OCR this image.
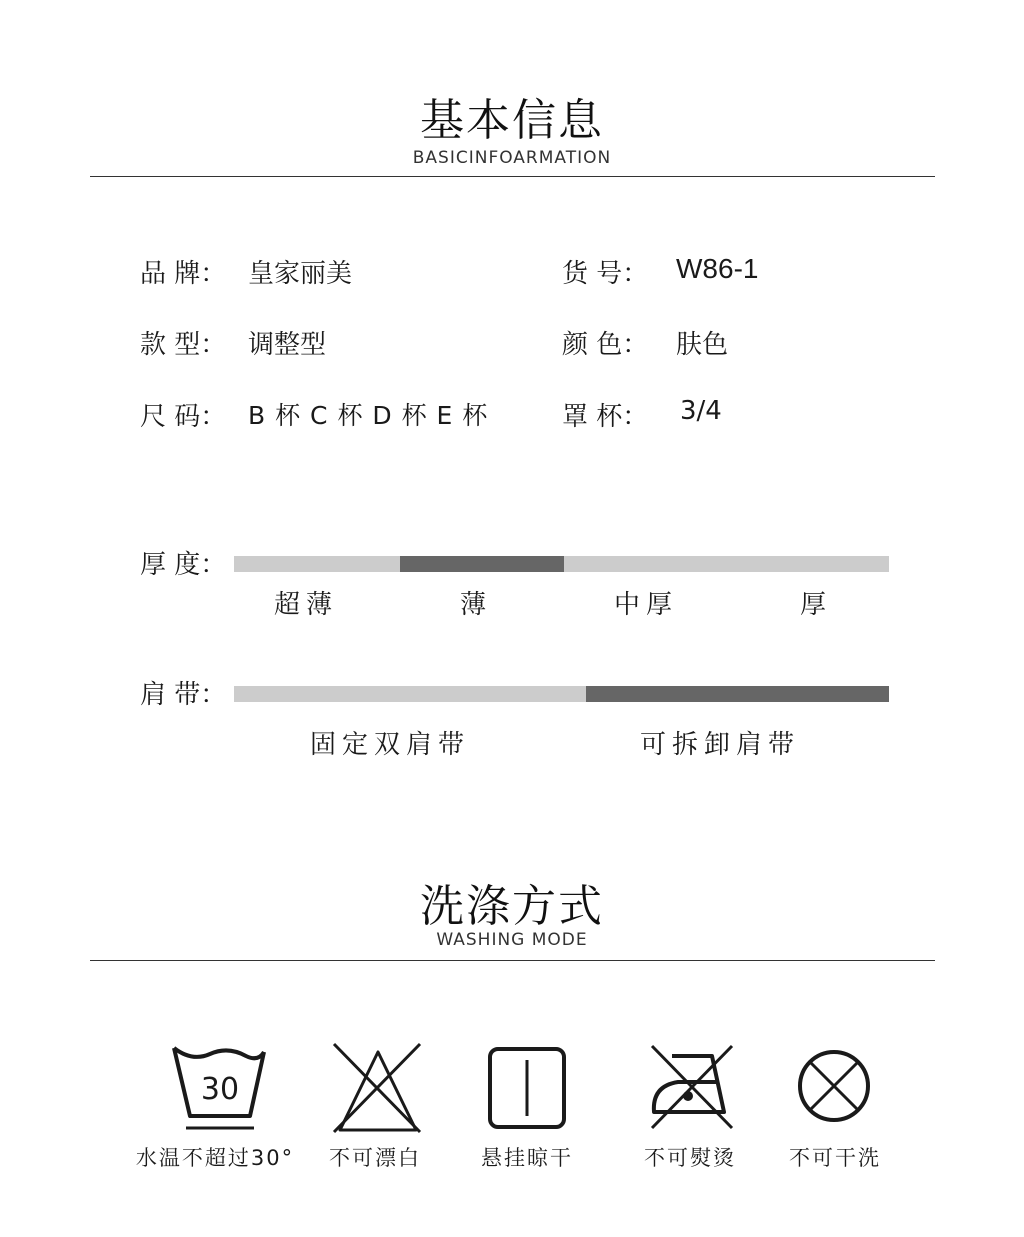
基本信息
BASICINFOARMATION
品 牌： 皇家丽美	货 号： W86-1
款 型： 调整型	颜 色： 肤色
尺 码： B 杯 C 杯 D 杯 E 杯	罩 杯： 3/4
厚 度：
超薄	薄	中厚	厚
肩 带：
固定双肩带	可拆卸肩带
洗涤方式
WASHING MODE
30
水温不超过30°	不可漂白	悬挂晾干	不可熨烫	不可干洗
